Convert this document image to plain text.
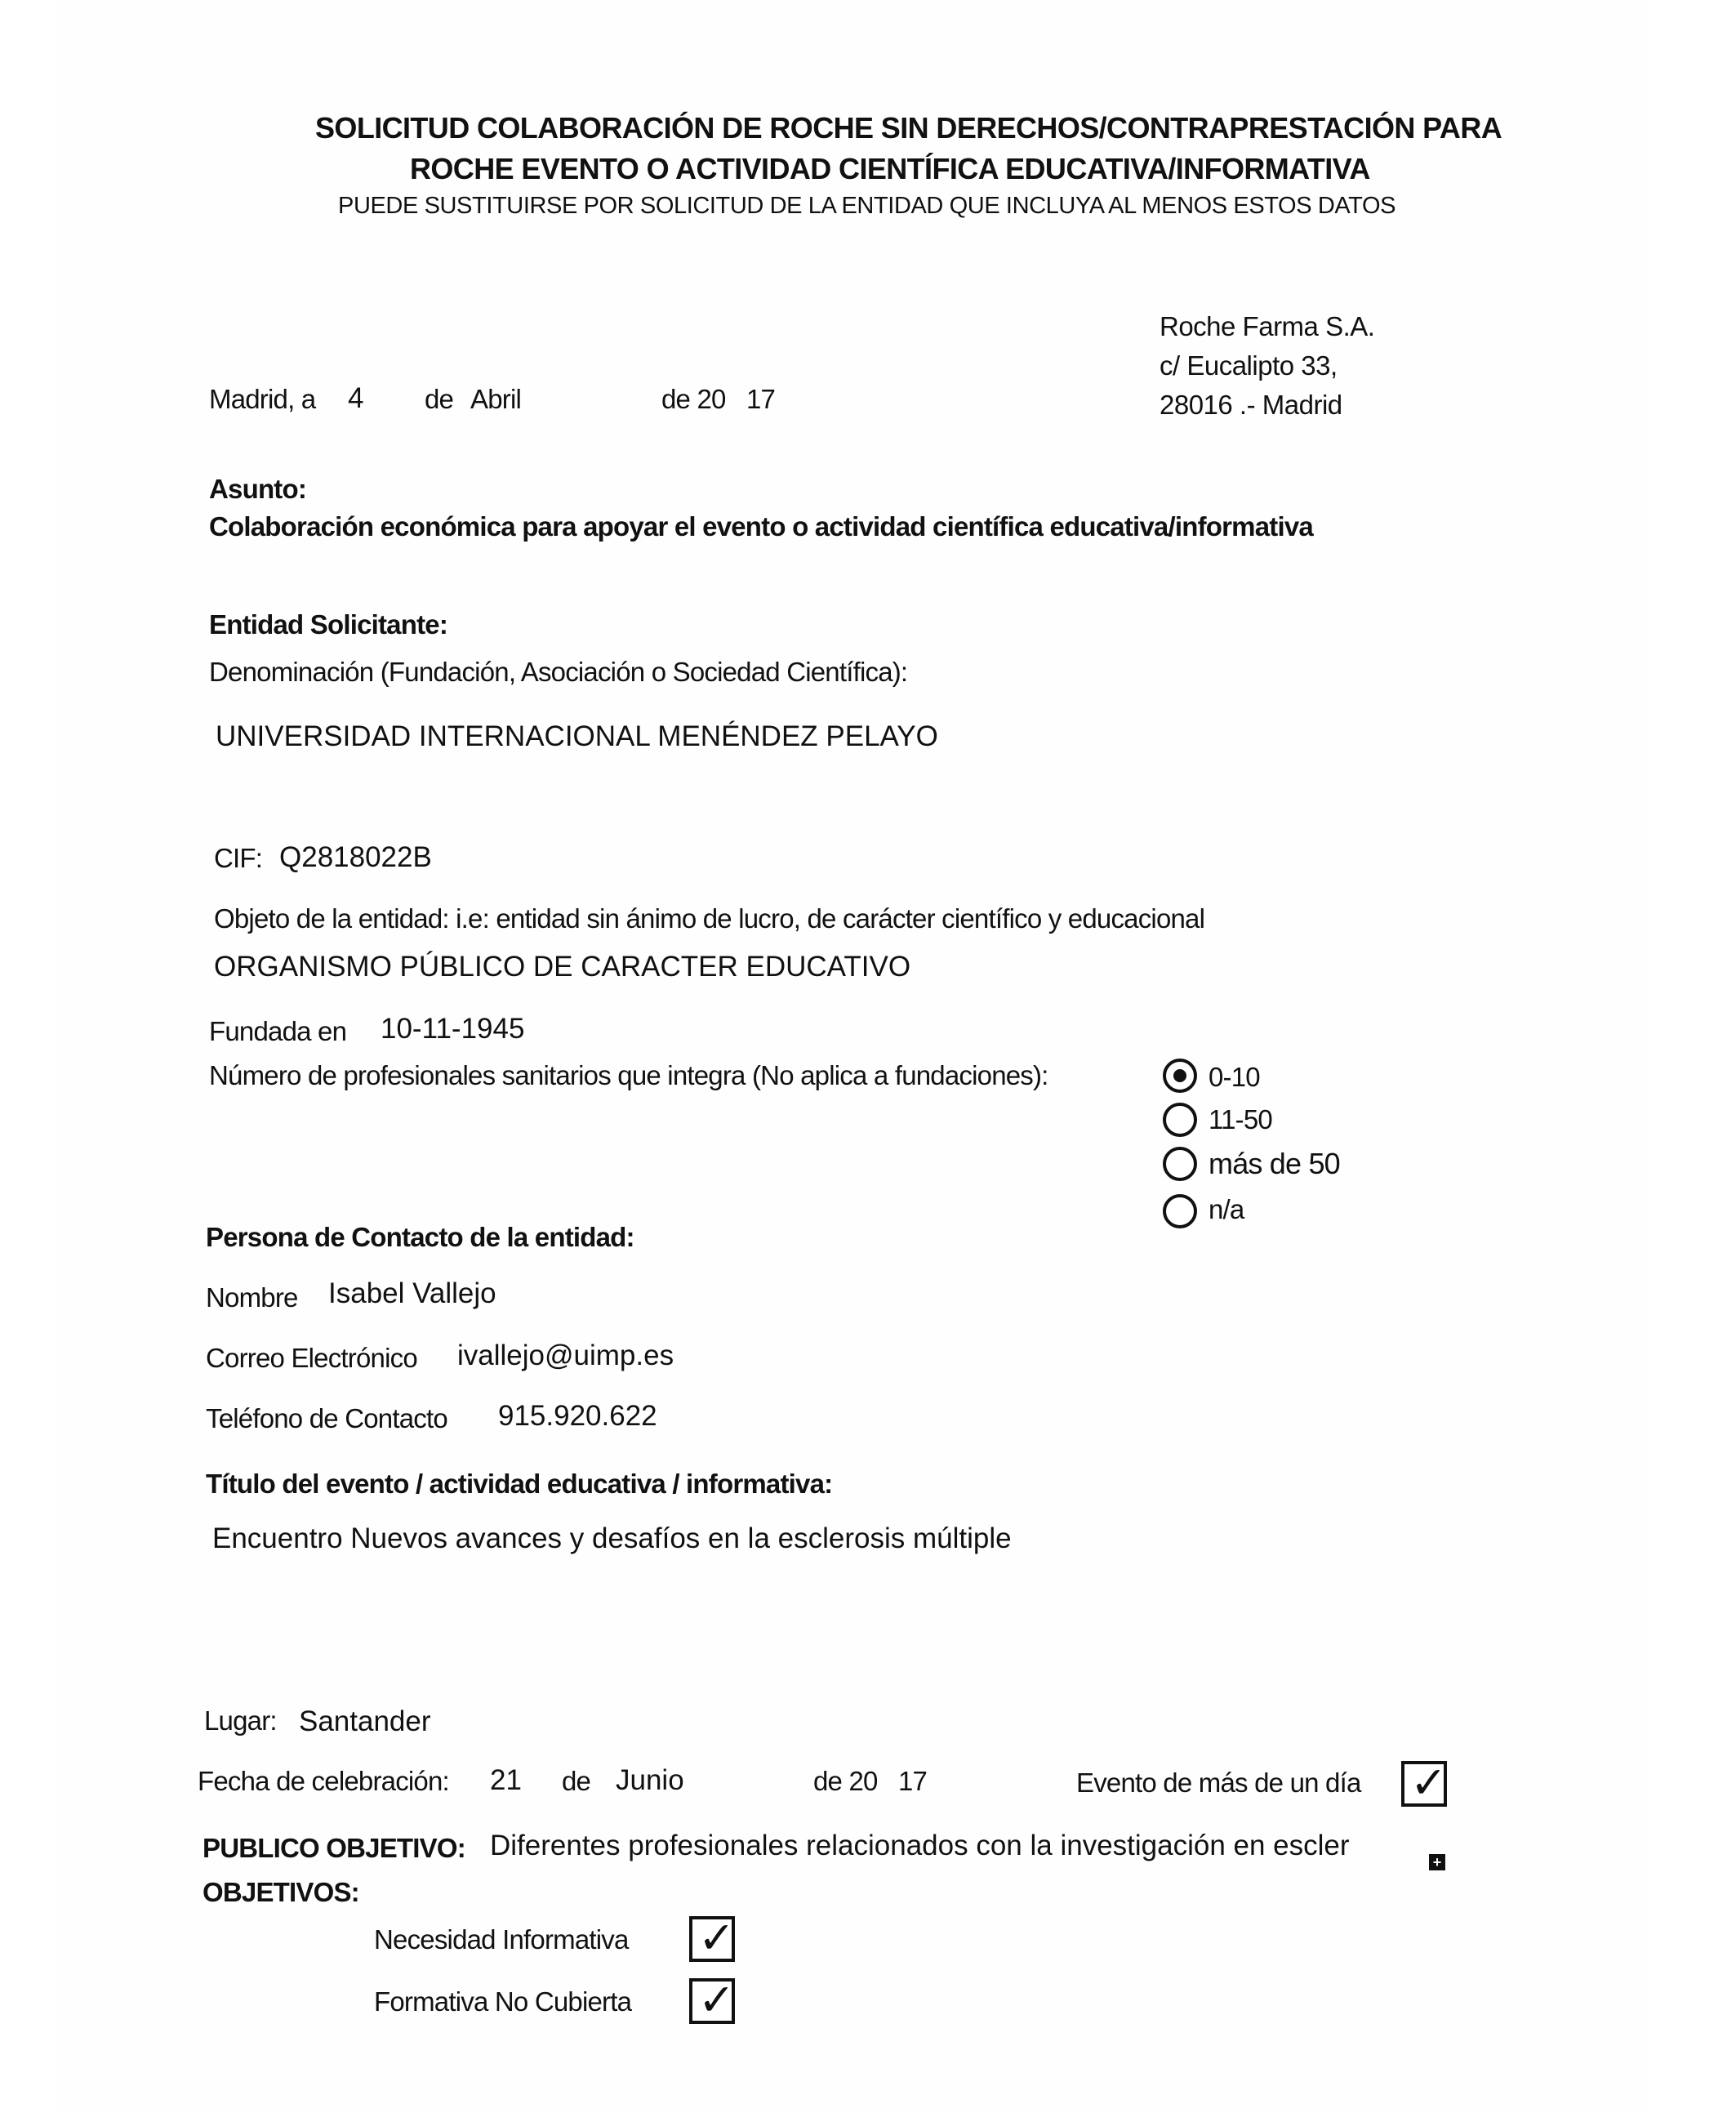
SOLICITUD COLABORACIÓN DE ROCHE SIN DERECHOS/CONTRAPRESTACIÓN PARA
ROCHE EVENTO O ACTIVIDAD CIENTÍFICA EDUCATIVA/INFORMATIVA
PUEDE SUSTITUIRSE POR SOLICITUD DE LA ENTIDAD QUE INCLUYA AL MENOS ESTOS DATOS
Roche Farma S.A.
c/ Eucalipto 33,
28016 .- Madrid
Madrid, a 4 de Abril	de 20 17
Asunto:
Colaboración económica para apoyar el evento o actividad científica educativa/informativa
Entidad Solicitante:
Denominación (Fundación, Asociación o Sociedad Científica):
UNIVERSIDAD INTERNACIONAL MENÉNDEZ PELAYO
CIF: Q2818022B
Objeto de la entidad: i.e: entidad sin ánimo de lucro, de carácter científico y educacional
ORGANISMO PÚBLICO DE CARACTER EDUCATIVO
Fundada en 10-11-1945
Número de profesionales sanitarios que integra (No aplica a fundaciones):	0-10
11-50
más de 50
n/a
Persona de Contacto de la entidad:
Nombre Isabel Vallejo
Correo Electrónico ivallejo@uimp.es
Teléfono de Contacto 915.920.622
Título del evento / actividad educativa / informativa:
Encuentro Nuevos avances y desafíos en la esclerosis múltiple
Lugar: Santander
Fecha de celebración: 21 de Junio	de 20 17	Evento de más de un día ✓
PUBLICO OBJETIVO: Diferentes profesionales relacionados con la investigación en escler
+
OBJETIVOS:
Necesidad Informativa ✓
Formativa No Cubierta ✓
